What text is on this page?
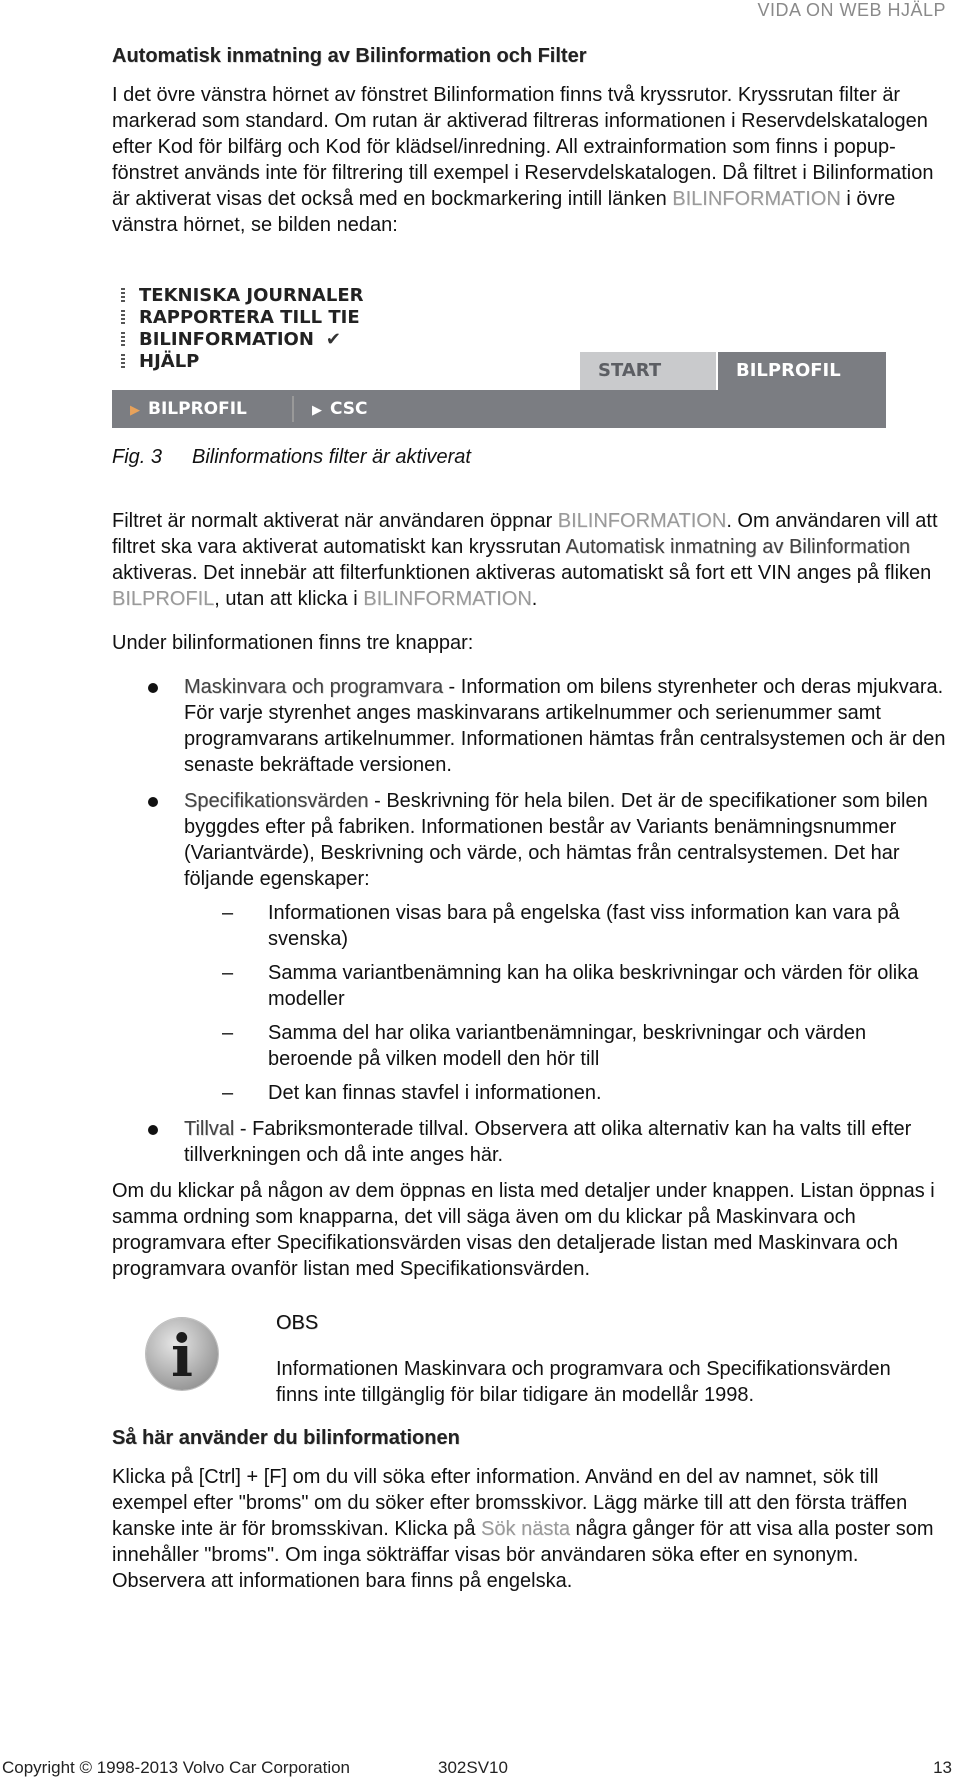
VIDA ON WEB HJÄLP
Automatisk inmatning av Bilinformation och Filter

I det övre vänstra hörnet av fönstret Bilinformation finns två kryssrutor. Kryssrutan filter är markerad som standard. Om rutan är aktiverad filtreras informationen i Reservdelskatalogen efter Kod för bilfärg och Kod för klädsel/inredning. All extrainformation som finns i popup-fönstret används inte för filtrering till exempel i Reservdelskatalogen. Då filtret i Bilinformation är aktiverat visas det också med en bockmarkering intill länken BILINFORMATION i övre vänstra hörnet, se bilden nedan:

TEKNISKA JOURNALER
RAPPORTERA TILL TIE
BILINFORMATION ✔
HJÄLP	START	BILPROFIL
▶ BILPROFIL	▶ CSC
Fig. 3	Bilinformations filter är aktiverat

Filtret är normalt aktiverat när användaren öppnar BILINFORMATION. Om användaren vill att filtret ska vara aktiverat automatiskt kan kryssrutan Automatisk inmatning av Bilinformation aktiveras. Det innebär att filterfunktionen aktiveras automatiskt så fort ett VIN anges på fliken BILPROFIL, utan att klicka i BILINFORMATION.

Under bilinformationen finns tre knappar:

Maskinvara och programvara - Information om bilens styrenheter och deras mjukvara. För varje styrenhet anges maskinvarans artikelnummer och serienummer samt programvarans artikelnummer. Informationen hämtas från centralsystemen och är den senaste bekräftade versionen.
Specifikationsvärden - Beskrivning för hela bilen. Det är de specifikationer som bilen byggdes efter på fabriken. Informationen består av Variants benämningsnummer (Variantvärde), Beskrivning och värde, och hämtas från centralsystemen. Det har följande egenskaper:
– Informationen visas bara på engelska (fast viss information kan vara på svenska)
– Samma variantbenämning kan ha olika beskrivningar och värden för olika modeller
– Samma del har olika variantbenämningar, beskrivningar och värden beroende på vilken modell den hör till
– Det kan finnas stavfel i informationen.
Tillval - Fabriksmonterade tillval. Observera att olika alternativ kan ha valts till efter tillverkningen och då inte anges här.

Om du klickar på någon av dem öppnas en lista med detaljer under knappen. Listan öppnas i samma ordning som knapparna, det vill säga även om du klickar på Maskinvara och programvara efter Specifikationsvärden visas den detaljerade listan med Maskinvara och programvara ovanför listan med Specifikationsvärden.

i	OBS
Informationen Maskinvara och programvara och Specifikationsvärden finns inte tillgänglig för bilar tidigare än modellår 1998.
Så här använder du bilinformationen

Klicka på [Ctrl] + [F] om du vill söka efter information. Använd en del av namnet, sök till exempel efter "broms" om du söker efter bromsskivor. Lägg märke till att den första träffen kanske inte är för bromsskivan. Klicka på Sök nästa några gånger för att visa alla poster som innehåller "broms". Om inga sökträffar visas bör användaren söka efter en synonym. Observera att informationen bara finns på engelska.

Copyright © 1998-2013 Volvo Car Corporation	302SV10	13
